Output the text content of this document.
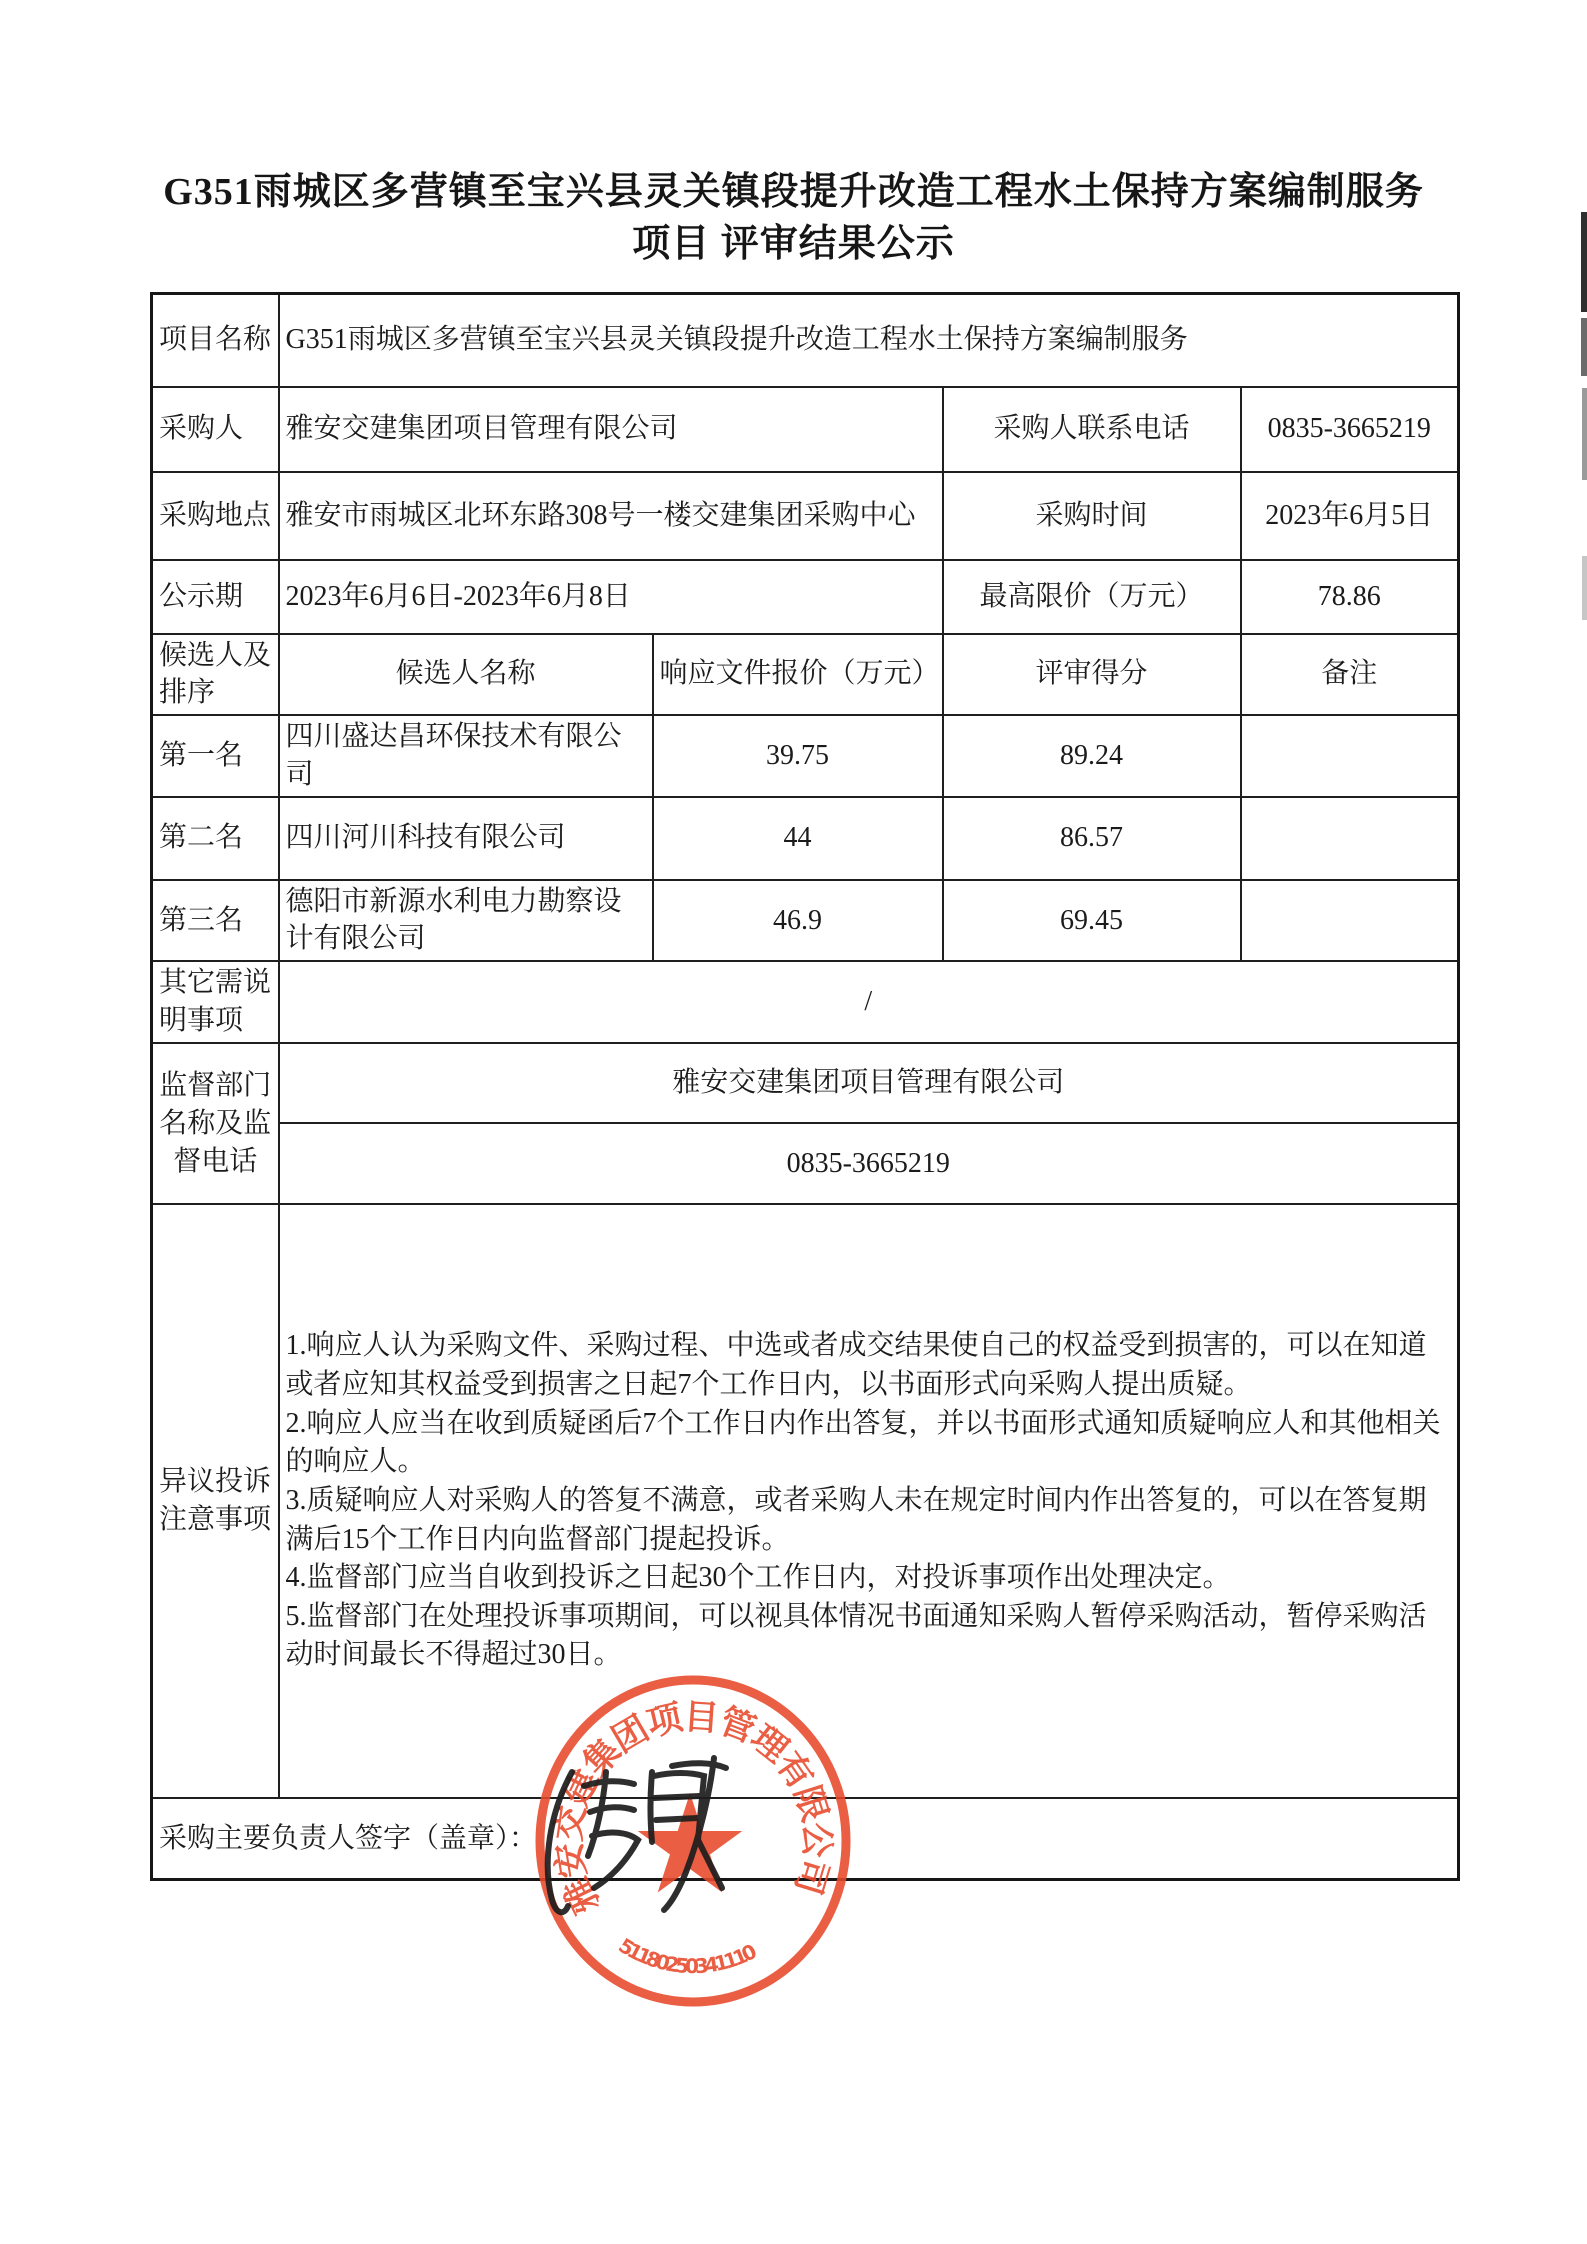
G351雨城区多营镇至宝兴县灵关镇段提升改造工程水土保持方案编制服务
项目 评审结果公示
项目名称	G351雨城区多营镇至宝兴县灵关镇段提升改造工程水土保持方案编制服务			
采购人	雅安交建集团项目管理有限公司		采购人联系电话	0835-3665219
采购地点	雅安市雨城区北环东路308号一楼交建集团采购中心		采购时间	2023年6月5日
公示期	2023年6月6日-2023年6月8日		最高限价（万元）	78.86
候选人及排序	候选人名称	响应文件报价（万元）	评审得分	备注
第一名	四川盛达昌环保技术有限公司	39.75	89.24	
第二名	四川河川科技有限公司	44	86.57	
第三名	德阳市新源水利电力勘察设计有限公司	46.9	69.45	
其它需说明事项	/			
监督部门名称及监督电话	雅安交建集团项目管理有限公司			
	0835-3665219			
异议投诉注意事项	1.响应人认为采购文件、采购过程、中选或者成交结果使自己的权益受到损害的，可以在知道或者应知其权益受到损害之日起7个工作日内，以书面形式向采购人提出质疑。

2.响应人应当在收到质疑函后7个工作日内作出答复，并以书面形式通知质疑响应人和其他相关的响应人。

3.质疑响应人对采购人的答复不满意，或者采购人未在规定时间内作出答复的，可以在答复期满后15个工作日内向监督部门提起投诉。

4.监督部门应当自收到投诉之日起30个工作日内，对投诉事项作出处理决定。

5.监督部门在处理投诉事项期间，可以视具体情况书面通知采购人暂停采购活动，暂停采购活动时间最长不得超过30日。			

采购主要负责人签字（盖章）：				
雅安交建集团项目管理有限公司
51180250341110
